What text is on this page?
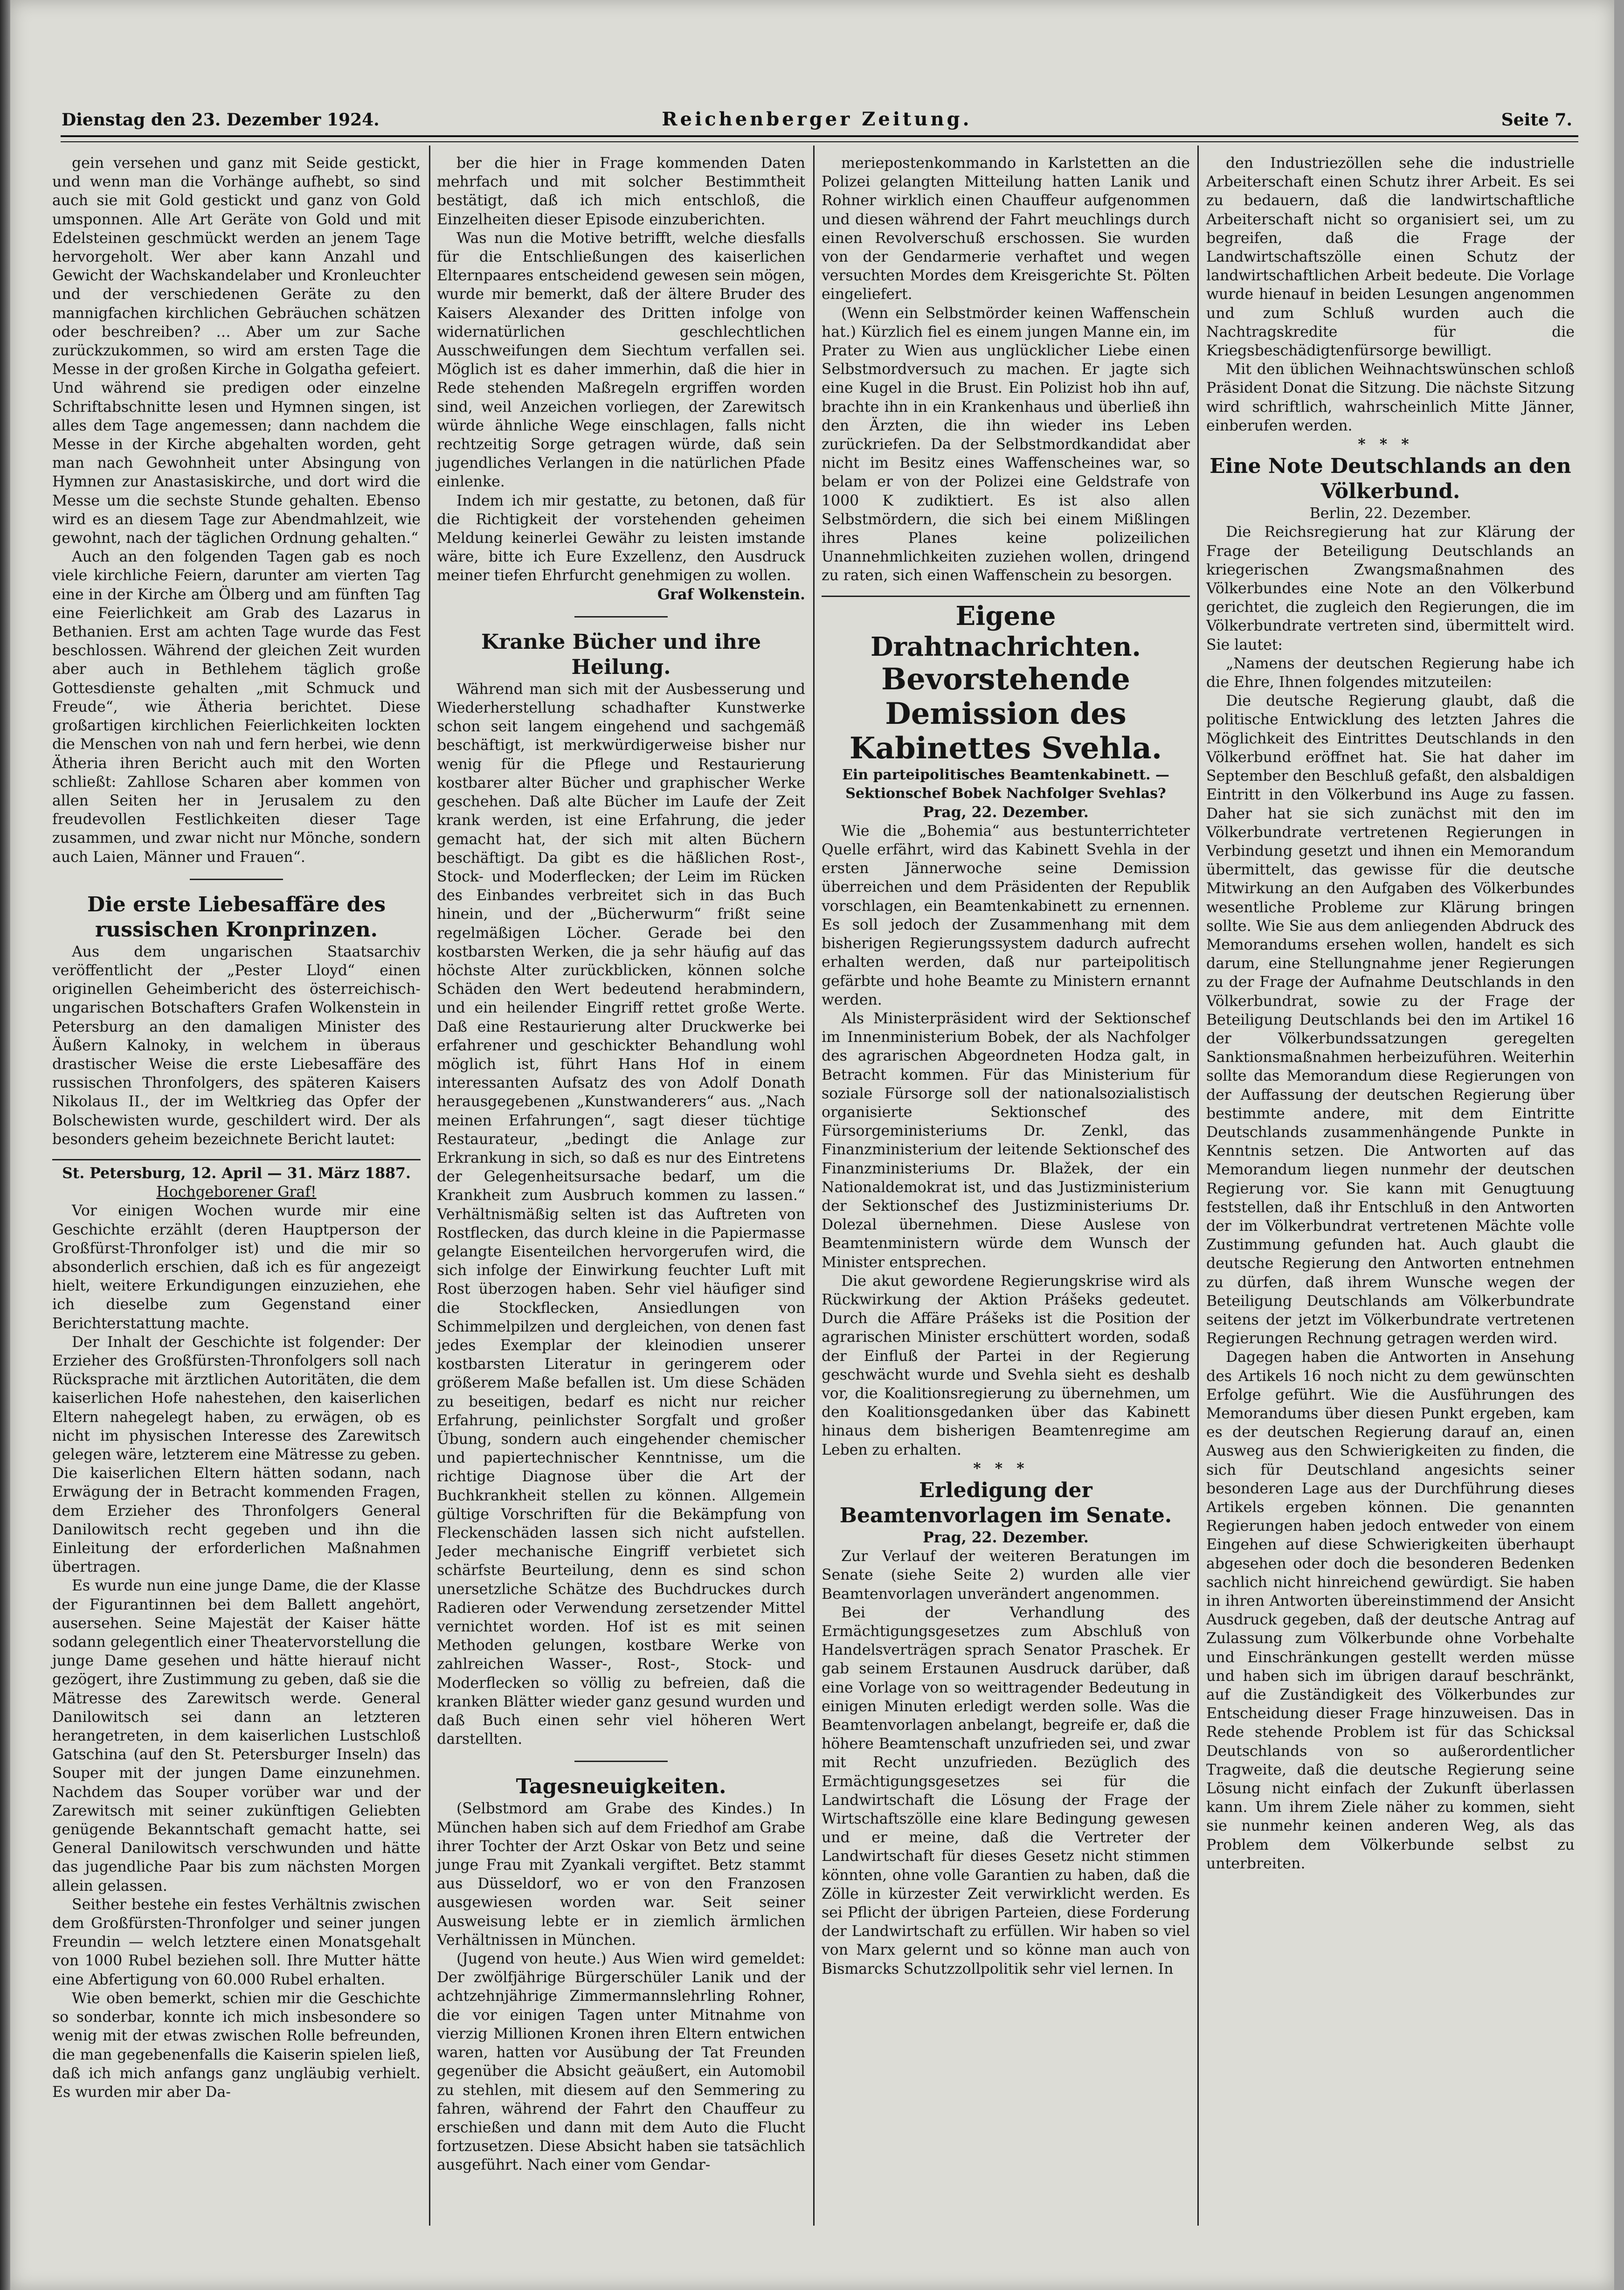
Dienstag den 23. Dezember 1924.	Reichenberger Zeitung.	Seite 7.

gein versehen und ganz mit Seide gestickt, und wenn man die Vorhänge aufhebt, so sind auch sie mit Gold gestickt und ganz von Gold umsponnen. Alle Art Geräte von Gold und mit Edelsteinen geschmückt werden an jenem Tage hervorgeholt. Wer aber kann Anzahl und Gewicht der Wachskandelaber und Kronleuchter und der verschiedenen Geräte zu den mannigfachen kirchlichen Gebräuchen schätzen oder beschreiben? … Aber um zur Sache zurückzukommen, so wird am ersten Tage die Messe in der großen Kirche in Golgatha gefeiert. Und während sie predigen oder einzelne Schriftabschnitte lesen und Hymnen singen, ist alles dem Tage angemessen; dann nachdem die Messe in der Kirche abgehalten worden, geht man nach Gewohnheit unter Absingung von Hymnen zur Anastasiskirche, und dort wird die Messe um die sechste Stunde gehalten. Ebenso wird es an diesem Tage zur Abendmahlzeit, wie gewohnt, nach der täglichen Ordnung gehalten.“

Auch an den folgenden Tagen gab es noch viele kirchliche Feiern, darunter am vierten Tag eine in der Kirche am Ölberg und am fünften Tag eine Feierlichkeit am Grab des Lazarus in Bethanien. Erst am achten Tage wurde das Fest beschlossen. Während der gleichen Zeit wurden aber auch in Bethlehem täglich große Gottesdienste gehalten „mit Schmuck und Freude“, wie Ätheria berichtet. Diese großartigen kirchlichen Feierlichkeiten lockten die Menschen von nah und fern herbei, wie denn Ätheria ihren Bericht auch mit den Worten schließt: Zahllose Scharen aber kommen von allen Seiten her in Jerusalem zu den freudevollen Festlichkeiten dieser Tage zusammen, und zwar nicht nur Mönche, sondern auch Laien, Männer und Frauen“.

Die erste Liebesaffäre des russischen Kronprinzen.

Aus dem ungarischen Staatsarchiv veröffentlicht der „Pester Lloyd“ einen originellen Geheimbericht des österreichisch-ungarischen Botschafters Grafen Wolkenstein in Petersburg an den damaligen Minister des Äußern Kalnoky, in welchem in überaus drastischer Weise die erste Liebesaffäre des russischen Thronfolgers, des späteren Kaisers Nikolaus II., der im Weltkrieg das Opfer der Bolschewisten wurde, geschildert wird. Der als besonders geheim bezeichnete Bericht lautet:

St. Petersburg, 12. April — 31. März 1887.

Hochgeborener Graf!

Vor einigen Wochen wurde mir eine Geschichte erzählt (deren Hauptperson der Großfürst-Thronfolger ist) und die mir so absonderlich erschien, daß ich es für angezeigt hielt, weitere Erkundigungen einzuziehen, ehe ich dieselbe zum Gegenstand einer Berichterstattung machte.

Der Inhalt der Geschichte ist folgender: Der Erzieher des Großfürsten-Thronfolgers soll nach Rücksprache mit ärztlichen Autoritäten, die dem kaiserlichen Hofe nahestehen, den kaiserlichen Eltern nahegelegt haben, zu erwägen, ob es nicht im physischen Interesse des Zarewitsch gelegen wäre, letzterem eine Mätresse zu geben. Die kaiserlichen Eltern hätten sodann, nach Erwägung der in Betracht kommenden Fragen, dem Erzieher des Thronfolgers General Danilowitsch recht gegeben und ihn die Einleitung der erforderlichen Maßnahmen übertragen.

Es wurde nun eine junge Dame, die der Klasse der Figurantinnen bei dem Ballett angehört, ausersehen. Seine Majestät der Kaiser hätte sodann gelegentlich einer Theatervorstellung die junge Dame gesehen und hätte hierauf nicht gezögert, ihre Zustimmung zu geben, daß sie die Mätresse des Zarewitsch werde. General Danilowitsch sei dann an letzteren herangetreten, in dem kaiserlichen Lustschloß Gatschina (auf den St. Petersburger Inseln) das Souper mit der jungen Dame einzunehmen. Nachdem das Souper vorüber war und der Zarewitsch mit seiner zukünftigen Geliebten genügende Bekanntschaft gemacht hatte, sei General Danilowitsch verschwunden und hätte das jugendliche Paar bis zum nächsten Morgen allein gelassen.

Seither bestehe ein festes Verhältnis zwischen dem Großfürsten-Thronfolger und seiner jungen Freundin — welch letztere einen Monatsgehalt von 1000 Rubel beziehen soll. Ihre Mutter hätte eine Abfertigung von 60.000 Rubel erhalten.

Wie oben bemerkt, schien mir die Geschichte so sonderbar, konnte ich mich insbesondere so wenig mit der etwas zwischen Rolle befreunden, die man gegebenenfalls die Kaiserin spielen ließ, daß ich mich anfangs ganz ungläubig verhielt. Es wurden mir aber Da-

ber die hier in Frage kommenden Daten mehrfach und mit solcher Bestimmtheit bestätigt, daß ich mich entschloß, die Einzelheiten dieser Episode einzuberichten.

Was nun die Motive betrifft, welche diesfalls für die Entschließungen des kaiserlichen Elternpaares entscheidend gewesen sein mögen, wurde mir bemerkt, daß der ältere Bruder des Kaisers Alexander des Dritten infolge von widernatürlichen geschlechtlichen Ausschweifungen dem Siechtum verfallen sei. Möglich ist es daher immerhin, daß die hier in Rede stehenden Maßregeln ergriffen worden sind, weil Anzeichen vorliegen, der Zarewitsch würde ähnliche Wege einschlagen, falls nicht rechtzeitig Sorge getragen würde, daß sein jugendliches Verlangen in die natürlichen Pfade einlenke.

Indem ich mir gestatte, zu betonen, daß für die Richtigkeit der vorstehenden geheimen Meldung keinerlei Gewähr zu leisten imstande wäre, bitte ich Eure Exzellenz, den Ausdruck meiner tiefen Ehrfurcht genehmigen zu wollen.

Graf Wolkenstein.

Kranke Bücher und ihre Heilung.

Während man sich mit der Ausbesserung und Wiederherstellung schadhafter Kunstwerke schon seit langem eingehend und sachgemäß beschäftigt, ist merkwürdigerweise bisher nur wenig für die Pflege und Restaurierung kostbarer alter Bücher und graphischer Werke geschehen. Daß alte Bücher im Laufe der Zeit krank werden, ist eine Erfahrung, die jeder gemacht hat, der sich mit alten Büchern beschäftigt. Da gibt es die häßlichen Rost-, Stock- und Moderflecken; der Leim im Rücken des Einbandes verbreitet sich in das Buch hinein, und der „Bücherwurm“ frißt seine regelmäßigen Löcher. Gerade bei den kostbarsten Werken, die ja sehr häufig auf das höchste Alter zurückblicken, können solche Schäden den Wert bedeutend herabmindern, und ein heilender Eingriff rettet große Werte. Daß eine Restaurierung alter Druckwerke bei erfahrener und geschickter Behandlung wohl möglich ist, führt Hans Hof in einem interessanten Aufsatz des von Adolf Donath herausgegebenen „Kunstwanderers“ aus. „Nach meinen Erfahrungen“, sagt dieser tüchtige Restaurateur, „bedingt die Anlage zur Erkrankung in sich, so daß es nur des Eintretens der Gelegenheitsursache bedarf, um die Krankheit zum Ausbruch kommen zu lassen.“ Verhältnismäßig selten ist das Auftreten von Rostflecken, das durch kleine in die Papiermasse gelangte Eisenteilchen hervorgerufen wird, die sich infolge der Einwirkung feuchter Luft mit Rost überzogen haben. Sehr viel häufiger sind die Stockflecken, Ansiedlungen von Schimmelpilzen und dergleichen, von denen fast jedes Exemplar der kleinodien unserer kostbarsten Literatur in geringerem oder größerem Maße befallen ist. Um diese Schäden zu beseitigen, bedarf es nicht nur reicher Erfahrung, peinlichster Sorgfalt und großer Übung, sondern auch eingehender chemischer und papiertechnischer Kenntnisse, um die richtige Diagnose über die Art der Buchkrankheit stellen zu können. Allgemein gültige Vorschriften für die Bekämpfung von Fleckenschäden lassen sich nicht aufstellen. Jeder mechanische Eingriff verbietet sich schärfste Beurteilung, denn es sind schon unersetzliche Schätze des Buchdruckes durch Radieren oder Verwendung zersetzender Mittel vernichtet worden. Hof ist es mit seinen Methoden gelungen, kostbare Werke von zahlreichen Wasser-, Rost-, Stock- und Moderflecken so völlig zu befreien, daß die kranken Blätter wieder ganz gesund wurden und daß Buch einen sehr viel höheren Wert darstellten.

Tagesneuigkeiten.

(Selbstmord am Grabe des Kindes.) In München haben sich auf dem Friedhof am Grabe ihrer Tochter der Arzt Oskar von Betz und seine junge Frau mit Zyankali vergiftet. Betz stammt aus Düsseldorf, wo er von den Franzosen ausgewiesen worden war. Seit seiner Ausweisung lebte er in ziemlich ärmlichen Verhältnissen in München.

(Jugend von heute.) Aus Wien wird gemeldet: Der zwölfjährige Bürgerschüler Lanik und der achtzehnjährige Zimmermannslehrling Rohner, die vor einigen Tagen unter Mitnahme von vierzig Millionen Kronen ihren Eltern entwichen waren, hatten vor Ausübung der Tat Freunden gegenüber die Absicht geäußert, ein Automobil zu stehlen, mit diesem auf den Semmering zu fahren, während der Fahrt den Chauffeur zu erschießen und dann mit dem Auto die Flucht fortzusetzen. Diese Absicht haben sie tatsächlich ausgeführt. Nach einer vom Gendar-

meriepostenkommando in Karlstetten an die Polizei gelangten Mitteilung hatten Lanik und Rohner wirklich einen Chauffeur aufgenommen und diesen während der Fahrt meuchlings durch einen Revolverschuß erschossen. Sie wurden von der Gendarmerie verhaftet und wegen versuchten Mordes dem Kreisgerichte St. Pölten eingeliefert.

(Wenn ein Selbstmörder keinen Waffenschein hat.) Kürzlich fiel es einem jungen Manne ein, im Prater zu Wien aus unglücklicher Liebe einen Selbstmordversuch zu machen. Er jagte sich eine Kugel in die Brust. Ein Polizist hob ihn auf, brachte ihn in ein Krankenhaus und überließ ihn den Ärzten, die ihn wieder ins Leben zurückriefen. Da der Selbstmordkandidat aber nicht im Besitz eines Waffenscheines war, so belam er von der Polizei eine Geldstrafe von 1000 K zudiktiert. Es ist also allen Selbstmördern, die sich bei einem Mißlingen ihres Planes keine polizeilichen Unannehmlichkeiten zuziehen wollen, dringend zu raten, sich einen Waffenschein zu besorgen.

Eigene Drahtnachrichten.

Bevorstehende Demission des Kabinettes Svehla.

Ein parteipolitisches Beamtenkabinett. — Sektionschef Bobek Nachfolger Svehlas?

Prag, 22. Dezember.

Wie die „Bohemia“ aus bestunterrichteter Quelle erfährt, wird das Kabinett Svehla in der ersten Jännerwoche seine Demission überreichen und dem Präsidenten der Republik vorschlagen, ein Beamtenkabinett zu ernennen. Es soll jedoch der Zusammenhang mit dem bisherigen Regierungssystem dadurch aufrecht erhalten werden, daß nur parteipolitisch gefärbte und hohe Beamte zu Ministern ernannt werden.

Als Ministerpräsident wird der Sektionschef im Innenministerium Bobek, der als Nachfolger des agrarischen Abgeordneten Hodza galt, in Betracht kommen. Für das Ministerium für soziale Fürsorge soll der nationalsozialistisch organisierte Sektionschef des Fürsorgeministeriums Dr. Zenkl, das Finanzministerium der leitende Sektionschef des Finanzministeriums Dr. Blažek, der ein Nationaldemokrat ist, und das Justizministerium der Sektionschef des Justizministeriums Dr. Dolezal übernehmen. Diese Auslese von Beamtenministern würde dem Wunsch der Minister entsprechen.

Die akut gewordene Regierungskrise wird als Rückwirkung der Aktion Prášeks gedeutet. Durch die Affäre Prášeks ist die Position der agrarischen Minister erschüttert worden, sodaß der Einfluß der Partei in der Regierung geschwächt wurde und Svehla sieht es deshalb vor, die Koalitionsregierung zu übernehmen, um den Koalitionsgedanken über das Kabinett hinaus dem bisherigen Beamtenregime am Leben zu erhalten.

***

Erledigung der Beamtenvorlagen im Senate.

Prag, 22. Dezember.

Zur Verlauf der weiteren Beratungen im Senate (siehe Seite 2) wurden alle vier Beamtenvorlagen unverändert angenommen.

Bei der Verhandlung des Ermächtigungsgesetzes zum Abschluß von Handelsverträgen sprach Senator Praschek. Er gab seinem Erstaunen Ausdruck darüber, daß eine Vorlage von so weittragender Bedeutung in einigen Minuten erledigt werden solle. Was die Beamtenvorlagen anbelangt, begreife er, daß die höhere Beamtenschaft unzufrieden sei, und zwar mit Recht unzufrieden. Bezüglich des Ermächtigungsgesetzes sei für die Landwirtschaft die Lösung der Frage der Wirtschaftszölle eine klare Bedingung gewesen und er meine, daß die Vertreter der Landwirtschaft für dieses Gesetz nicht stimmen könnten, ohne volle Garantien zu haben, daß die Zölle in kürzester Zeit verwirklicht werden. Es sei Pflicht der übrigen Parteien, diese Forderung der Landwirtschaft zu erfüllen. Wir haben so viel von Marx gelernt und so könne man auch von Bismarcks Schutzzollpolitik sehr viel lernen. In

den Industriezöllen sehe die industrielle Arbeiterschaft einen Schutz ihrer Arbeit. Es sei zu bedauern, daß die landwirtschaftliche Arbeiterschaft nicht so organisiert sei, um zu begreifen, daß die Frage der Landwirtschaftszölle einen Schutz der landwirtschaftlichen Arbeit bedeute. Die Vorlage wurde hienauf in beiden Lesungen angenommen und zum Schluß wurden auch die Nachtragskredite für die Kriegsbeschädigtenfürsorge bewilligt.

Mit den üblichen Weihnachtswünschen schloß Präsident Donat die Sitzung. Die nächste Sitzung wird schriftlich, wahrscheinlich Mitte Jänner, einberufen werden.

***

Eine Note Deutschlands an den Völkerbund.

Berlin, 22. Dezember.

Die Reichsregierung hat zur Klärung der Frage der Beteiligung Deutschlands an kriegerischen Zwangsmaßnahmen des Völkerbundes eine Note an den Völkerbund gerichtet, die zugleich den Regierungen, die im Völkerbundrate vertreten sind, übermittelt wird. Sie lautet:

„Namens der deutschen Regierung habe ich die Ehre, Ihnen folgendes mitzuteilen:

Die deutsche Regierung glaubt, daß die politische Entwicklung des letzten Jahres die Möglichkeit des Eintrittes Deutschlands in den Völkerbund eröffnet hat. Sie hat daher im September den Beschluß gefaßt, den alsbaldigen Eintritt in den Völkerbund ins Auge zu fassen. Daher hat sie sich zunächst mit den im Völkerbundrate vertretenen Regierungen in Verbindung gesetzt und ihnen ein Memorandum übermittelt, das gewisse für die deutsche Mitwirkung an den Aufgaben des Völkerbundes wesentliche Probleme zur Klärung bringen sollte. Wie Sie aus dem anliegenden Abdruck des Memorandums ersehen wollen, handelt es sich darum, eine Stellungnahme jener Regierungen zu der Frage der Aufnahme Deutschlands in den Völkerbundrat, sowie zu der Frage der Beteiligung Deutschlands bei den im Artikel 16 der Völkerbundssatzungen geregelten Sanktionsmaßnahmen herbeizuführen. Weiterhin sollte das Memorandum diese Regierungen von der Auffassung der deutschen Regierung über bestimmte andere, mit dem Eintritte Deutschlands zusammenhängende Punkte in Kenntnis setzen. Die Antworten auf das Memorandum liegen nunmehr der deutschen Regierung vor. Sie kann mit Genugtuung feststellen, daß ihr Entschluß in den Antworten der im Völkerbundrat vertretenen Mächte volle Zustimmung gefunden hat. Auch glaubt die deutsche Regierung den Antworten entnehmen zu dürfen, daß ihrem Wunsche wegen der Beteiligung Deutschlands am Völkerbundrate seitens der jetzt im Völkerbundrate vertretenen Regierungen Rechnung getragen werden wird.

Dagegen haben die Antworten in Ansehung des Artikels 16 noch nicht zu dem gewünschten Erfolge geführt. Wie die Ausführungen des Memorandums über diesen Punkt ergeben, kam es der deutschen Regierung darauf an, einen Ausweg aus den Schwierigkeiten zu finden, die sich für Deutschland angesichts seiner besonderen Lage aus der Durchführung dieses Artikels ergeben können. Die genannten Regierungen haben jedoch entweder von einem Eingehen auf diese Schwierigkeiten überhaupt abgesehen oder doch die besonderen Bedenken sachlich nicht hinreichend gewürdigt. Sie haben in ihren Antworten übereinstimmend der Ansicht Ausdruck gegeben, daß der deutsche Antrag auf Zulassung zum Völkerbunde ohne Vorbehalte und Einschränkungen gestellt werden müsse und haben sich im übrigen darauf beschränkt, auf die Zuständigkeit des Völkerbundes zur Entscheidung dieser Frage hinzuweisen. Das in Rede stehende Problem ist für das Schicksal Deutschlands von so außerordentlicher Tragweite, daß die deutsche Regierung seine Lösung nicht einfach der Zukunft überlassen kann. Um ihrem Ziele näher zu kommen, sieht sie nunmehr keinen anderen Weg, als das Problem dem Völkerbunde selbst zu unterbreiten.
